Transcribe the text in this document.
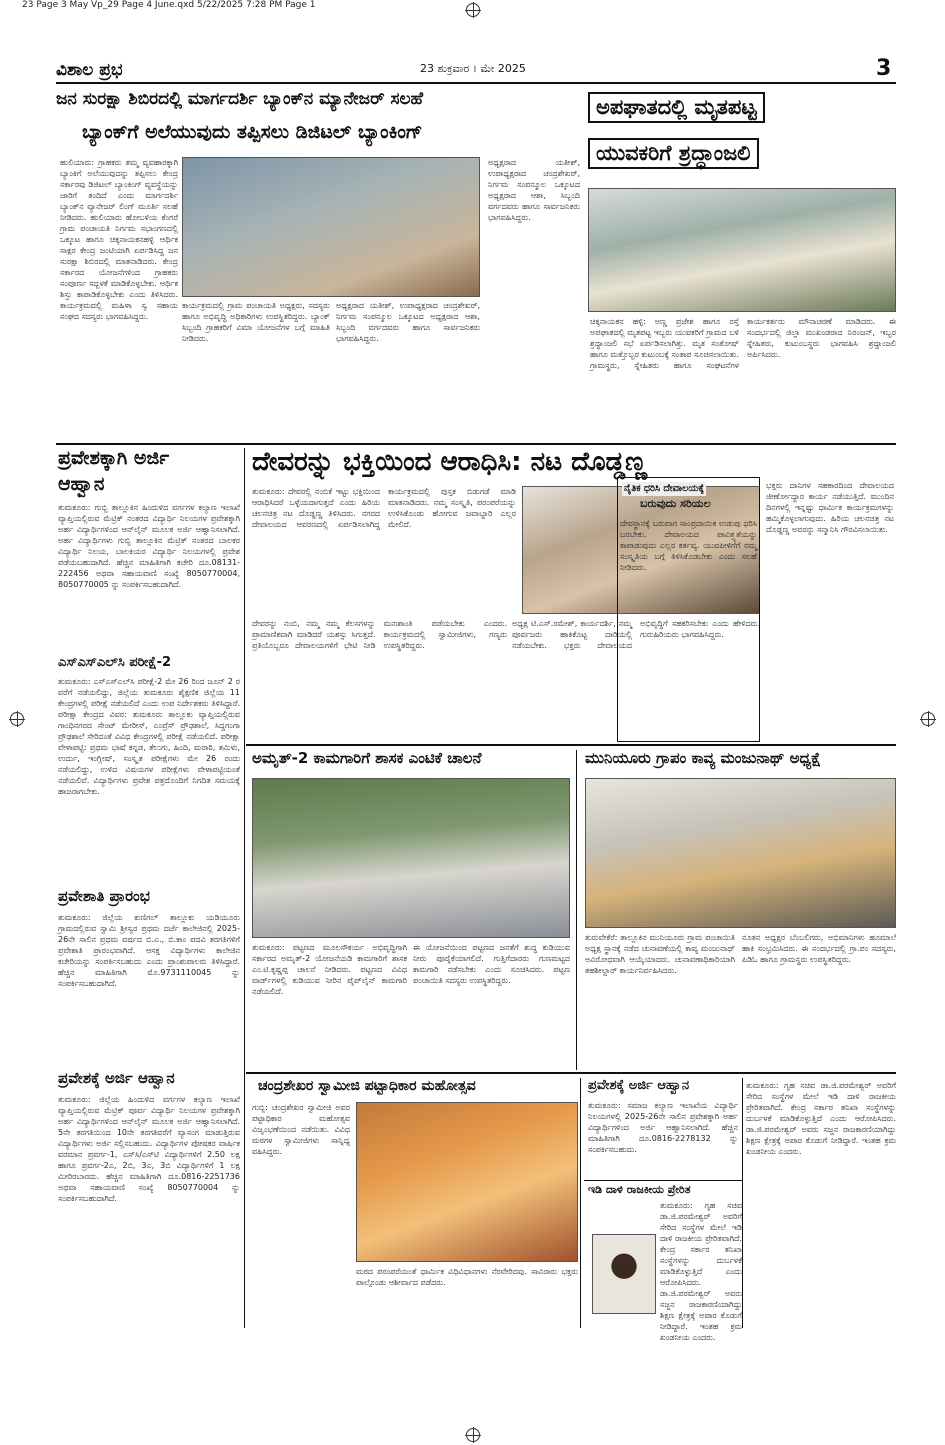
23 Page 3 May Vp_29 Page 4 June.qxd 5/22/2025 7:28 PM Page 1
ವಿಶಾಲ ಪ್ರಭ	23 ಶುಕ್ರವಾರ । ಮೇ 2025	3
ಜನ ಸುರಕ್ಷಾ ಶಿಬಿರದಲ್ಲಿ ಮಾರ್ಗದರ್ಶಿ ಬ್ಯಾಂಕ್‌ನ ಮ್ಯಾನೇಜರ್ ಸಲಹೆ
ಬ್ಯಾಂಕ್‌ಗೆ ಅಲೆಯುವುದು ತಪ್ಪಿಸಲು ಡಿಜಿಟಲ್ ಬ್ಯಾಂಕಿಂಗ್
ಹುಲಿಯಾರು: ಗ್ರಾಹಕರು ತಮ್ಮ ವ್ಯವಹಾರಕ್ಕಾಗಿ ಬ್ಯಾಂಕಿಗೆ ಅಲೆಯುವುದನ್ನು ತಪ್ಪಿಸಲು ಕೇಂದ್ರ ಸರ್ಕಾರವು ಡಿಜಿಟಲ್ ಬ್ಯಾಂಕಿಂಗ್ ವ್ಯವಸ್ಥೆಯನ್ನು ಜಾರಿಗೆ ತಂದಿದೆ ಎಂದು ಮಾರ್ಗದರ್ಶಿ ಬ್ಯಾಂಕ್‌ನ ವ್ಯಾನೇಜರ್ ಲಿಂಗ್ ಮೂರ್ತಿ ಸಲಹೆ ನೀಡಿದರು. ಹುಲಿಯಾರು ಹೋಬಳಿಯ ಕೆಂಗರೆ ಗ್ರಾಮ ಪಂಚಾಯತಿ ನಿರ್ಗಮ ಸಭಾಂಗಣದಲ್ಲಿ ಒಕ್ಕೂಟ ಹಾಗೂ ಚಿಕ್ಕನಾಯಕನಹಳ್ಳಿ ಆರ್ಥಿಕ ಸಾಕ್ಷರ ಕೇಂದ್ರ ಜಂಟಿಯಾಗಿ ಏರ್ಪಡಿಸಿದ್ದ ಜನ ಸುರಕ್ಷಾ ಶಿಬಿರದಲ್ಲಿ ಮಾತನಾಡಿದರು. ಕೇಂದ್ರ ಸರ್ಕಾರದ ಯೋಜನೆಗಳಿಂದ ಗ್ರಾಹಕರು ಸಂಪೂರ್ಣ ಸದ್ಬಳಕೆ ಮಾಡಿಕೊಳ್ಳಬೇಕು. ಆರ್ಥಿಕ ಶಿಸ್ತು ಕಾಪಾಡಿಕೊಳ್ಳಬೇಕು ಎಂದು ತಿಳಿಸಿದರು. ಕಾರ್ಯಕ್ರಮದಲ್ಲಿ ಮಹಿಳಾ ಸ್ವ ಸಹಾಯ ಸಂಘದ ಸದಸ್ಯರು ಭಾಗವಹಿಸಿದ್ದರು.
ಕಾರ್ಯಕ್ರಮದಲ್ಲಿ ಗ್ರಾಮ ಪಂಚಾಯತಿ ಅಧ್ಯಕ್ಷರು, ಸದಸ್ಯರು ಹಾಗೂ ಅಭಿವೃದ್ಧಿ ಅಧಿಕಾರಿಗಳು ಉಪಸ್ಥಿತರಿದ್ದರು. ಬ್ಯಾಂಕ್ ಸಿಬ್ಬಂದಿ ಗ್ರಾಹಕರಿಗೆ ವಿಮಾ ಯೋಜನೆಗಳ ಬಗ್ಗೆ ಮಾಹಿತಿ ನೀಡಿದರು.
ಅಧ್ಯಕ್ಷರಾದ ಯತೀಶ್, ಉಪಾಧ್ಯಕ್ಷರಾದ ಚಂದ್ರಶೇಖರ್, ನಿರ್ಗಮ ಸಂಪನ್ಮೂಲ ಒಕ್ಕೂಟದ ಅಧ್ಯಕ್ಷರಾದ ಆಶಾ, ಸಿಬ್ಬಂದಿ ವರ್ಗದವರು ಹಾಗೂ ಸಾರ್ವಜನಿಕರು ಭಾಗವಹಿಸಿದ್ದರು.
ಅಧ್ಯಕ್ಷರಾದ ಯತೀಶ್, ಉಪಾಧ್ಯಕ್ಷರಾದ ಚಂದ್ರಶೇಖರ್, ನಿರ್ಗಮ ಸಂಪನ್ಮೂಲ ಒಕ್ಕೂಟದ ಅಧ್ಯಕ್ಷರಾದ ಆಶಾ, ಸಿಬ್ಬಂದಿ ವರ್ಗದವರು ಹಾಗೂ ಸಾರ್ವಜನಿಕರು ಭಾಗವಹಿಸಿದ್ದರು.
ಅಪಘಾತದಲ್ಲಿ ಮೃತಪಟ್ಟ
ಯುವಕರಿಗೆ ಶ್ರದ್ಧಾಂಜಲಿ
ಚಿಕ್ಕನಾಯಕನ ಹಳ್ಳಿ: ಅಣ್ಣ ಪ್ರಜೇಶ ಹಾಗೂ ರಸ್ತೆ ಅಪಘಾತದಲ್ಲಿ ಮೃತಪಟ್ಟ ಇಬ್ಬರು ಯುವಕರಿಗೆ ಗ್ರಾಮದ ಬಳಿ ಶ್ರದ್ಧಾಂಜಲಿ ಸಭೆ ಏರ್ಪಡಿಸಲಾಗಿತ್ತು. ಮೃತ ಸಂತೋಷ್ ಹಾಗೂ ಮತ್ತೊಬ್ಬರ ಕುಟುಂಬಕ್ಕೆ ಸಂತಾಪ ಸೂಚಿಸಲಾಯಿತು. ಗ್ರಾಮಸ್ಥರು, ಸ್ನೇಹಿತರು ಹಾಗೂ ಸಂಘಟನೆಗಳ ಕಾರ್ಯಕರ್ತರು ಮೌನಾಚರಣೆ ಮಾಡಿದರು. ಈ ಸಂದರ್ಭದಲ್ಲಿ ಜಿಲ್ಲಾ ಮುಖಂಡರಾದ ನಿರಂಜನ್, ಇಬ್ಬರ ಸ್ನೇಹಿತರು, ಕುಟುಂಬಸ್ಥರು ಭಾಗವಹಿಸಿ ಶ್ರದ್ಧಾಂಜಲಿ ಅರ್ಪಿಸಿದರು.
ಪ್ರವೇಶಕ್ಕಾಗಿ ಅರ್ಜಿ
ಆಹ್ವಾನ
ತುಮಕೂರು: ಗುಬ್ಬಿ ತಾಲ್ಲೂಕಿನ ಹಿಂದುಳಿದ ವರ್ಗಗಳ ಕಲ್ಯಾಣ ಇಲಾಖೆ ವ್ಯಾಪ್ತಿಯಲ್ಲಿರುವ ಮೆಟ್ರಿಕ್ ನಂತರದ ವಿದ್ಯಾರ್ಥಿ ನಿಲಯಗಳ ಪ್ರವೇಶಕ್ಕಾಗಿ ಅರ್ಹ ವಿದ್ಯಾರ್ಥಿಗಳಿಂದ ಆನ್‌ಲೈನ್ ಮೂಲಕ ಅರ್ಜಿ ಆಹ್ವಾನಿಸಲಾಗಿದೆ. ಅರ್ಹ ವಿದ್ಯಾರ್ಥಿಗಳು ಗುಬ್ಬಿ ತಾಲ್ಲೂಕಿನ ಮೆಟ್ರಿಕ್ ನಂತರದ ಬಾಲಕರ ವಿದ್ಯಾರ್ಥಿ ನಿಲಯ, ಬಾಲಕಿಯರ ವಿದ್ಯಾರ್ಥಿ ನಿಲಯಗಳಲ್ಲಿ ಪ್ರವೇಶ ಪಡೆಯಬಹುದಾಗಿದೆ. ಹೆಚ್ಚಿನ ಮಾಹಿತಿಗಾಗಿ ಕಚೇರಿ ದೂ.08131-222456 ಅಥವಾ ಸಹಾಯವಾಣಿ ಸಂಖ್ಯೆ 8050770004, 8050770005 ನ್ನು ಸಂಪರ್ಕಿಸಬಹುದಾಗಿದೆ.
ಎಸ್‌ಎಸ್‌ಎಲ್‌ಸಿ ಪರೀಕ್ಷೆ-2
ತುಮಕೂರು: ಎಸ್‌ಎಸ್‌ಎಲ್‌ಸಿ ಪರೀಕ್ಷೆ-2 ಮೇ 26 ರಿಂದ ಜೂನ್ 2 ರ ವರೆಗೆ ನಡೆಯಲಿದ್ದು, ಜಿಲ್ಲೆಯ ತುಮಕೂರು ಶೈಕ್ಷಣಿಕ ಜಿಲ್ಲೆಯ 11 ಕೇಂದ್ರಗಳಲ್ಲಿ ಪರೀಕ್ಷೆ ನಡೆಯಲಿದೆ ಎಂದು ಉಪ ನಿರ್ದೇಶಕರು ತಿಳಿಸಿದ್ದಾರೆ. ಪರೀಕ್ಷಾ ಕೇಂದ್ರದ ವಿವರ: ತುಮಕೂರು ತಾಲ್ಲೂಕು ವ್ಯಾಪ್ತಿಯಲ್ಲಿರುವ ಗಾಂಧಿನಗರದ ಸೇಂಟ್ ಮೇರೀಸ್, ಎಂಪ್ರೆಸ್ ಪ್ರೌಢಶಾಲೆ, ಸಿದ್ದಗಂಗಾ ಪ್ರೌಢಶಾಲೆ ಸೇರಿದಂತೆ ವಿವಿಧ ಕೇಂದ್ರಗಳಲ್ಲಿ ಪರೀಕ್ಷೆ ನಡೆಯಲಿದೆ. ಪರೀಕ್ಷಾ ವೇಳಾಪಟ್ಟಿ: ಪ್ರಥಮ ಭಾಷೆ ಕನ್ನಡ, ತೆಲುಗು, ಹಿಂದಿ, ಮರಾಠಿ, ತಮಿಳು, ಉರ್ದು, ಇಂಗ್ಲೀಷ್, ಸಂಸ್ಕೃತ ಪರೀಕ್ಷೆಗಳು ಮೇ 26 ರಂದು ನಡೆಯಲಿದ್ದು, ಉಳಿದ ವಿಷಯಗಳ ಪರೀಕ್ಷೆಗಳು ವೇಳಾಪಟ್ಟಿಯಂತೆ ನಡೆಯಲಿವೆ. ವಿದ್ಯಾರ್ಥಿಗಳು ಪ್ರವೇಶ ಪತ್ರದೊಂದಿಗೆ ನಿಗದಿತ ಸಮಯಕ್ಕೆ ಹಾಜರಾಗಬೇಕು.
ಪ್ರವೇಶಾತಿ ಪ್ರಾರಂಭ
ತುಮಕೂರು: ಜಿಲ್ಲೆಯ ಕುಣಿಗಲ್ ತಾಲ್ಲೂಕು ಯಡಿಯೂರು ಗ್ರಾಮದಲ್ಲಿರುವ ಸ್ವಾಮಿ ಶ್ರೀಸ್ವರ ಪ್ರಥಮ ದರ್ಜೆ ಕಾಲೇಜಿನಲ್ಲಿ 2025-26ನೇ ಸಾಲಿನ ಪ್ರಥಮ ವರ್ಷದ ಬಿ.ಎ., ಬಿ.ಕಾಂ ಪದವಿ ತರಗತಿಗಳಿಗೆ ಪ್ರವೇಶಾತಿ ಪ್ರಾರಂಭವಾಗಿದೆ. ಆಸಕ್ತ ವಿದ್ಯಾರ್ಥಿಗಳು ಕಾಲೇಜಿನ ಕಚೇರಿಯನ್ನು ಸಂಪರ್ಕಿಸಬಹುದು ಎಂದು ಪ್ರಾಂಶುಪಾಲರು ತಿಳಿಸಿದ್ದಾರೆ. ಹೆಚ್ಚಿನ ಮಾಹಿತಿಗಾಗಿ ಮೊ.9731110045 ನ್ನು ಸಂಪರ್ಕಿಸಬಹುದಾಗಿದೆ.
ಪ್ರವೇಶಕ್ಕೆ ಅರ್ಜಿ ಆಹ್ವಾನ
ತುಮಕೂರು: ಜಿಲ್ಲೆಯ ಹಿಂದುಳಿದ ವರ್ಗಗಳ ಕಲ್ಯಾಣ ಇಲಾಖೆ ವ್ಯಾಪ್ತಿಯಲ್ಲಿರುವ ಮೆಟ್ರಿಕ್ ಪೂರ್ವ ವಿದ್ಯಾರ್ಥಿ ನಿಲಯಗಳ ಪ್ರವೇಶಕ್ಕಾಗಿ ಅರ್ಹ ವಿದ್ಯಾರ್ಥಿಗಳಿಂದ ಆನ್‌ಲೈನ್ ಮೂಲಕ ಅರ್ಜಿ ಆಹ್ವಾನಿಸಲಾಗಿದೆ. 5ನೇ ತರಗತಿಯಿಂದ 10ನೇ ತರಗತಿವರೆಗೆ ವ್ಯಾಸಂಗ ಮಾಡುತ್ತಿರುವ ವಿದ್ಯಾರ್ಥಿಗಳು ಅರ್ಜಿ ಸಲ್ಲಿಸಬಹುದು. ವಿದ್ಯಾರ್ಥಿಗಳ ಪೋಷಕರ ವಾರ್ಷಿಕ ವರಮಾನ ಪ್ರವರ್ಗ-1, ಎಸ್‌ಸಿ/ಎಸ್‌ಟಿ ವಿದ್ಯಾರ್ಥಿಗಳಿಗೆ 2.50 ಲಕ್ಷ ಹಾಗೂ ಪ್ರವರ್ಗ-2ಎ, 2ಬಿ, 3ಎ, 3ಬಿ ವಿದ್ಯಾರ್ಥಿಗಳಿಗೆ 1 ಲಕ್ಷ ಮೀರಿರಬಾರದು. ಹೆಚ್ಚಿನ ಮಾಹಿತಿಗಾಗಿ ದೂ.0816-2251736 ಅಥವಾ ಸಹಾಯವಾಣಿ ಸಂಖ್ಯೆ 8050770004 ನ್ನು ಸಂಪರ್ಕಿಸಬಹುದಾಗಿದೆ.
ದೇವರನ್ನು ಭಕ್ತಿಯಿಂದ ಆರಾಧಿಸಿ: ನಟ ದೊಡ್ಡಣ್ಣ
ತುಮಕೂರು: ದೇವರಲ್ಲಿ ನಂಬಿಕೆ ಇಟ್ಟು ಭಕ್ತಿಯಿಂದ ಆರಾಧಿಸಿದರೆ ಒಳ್ಳೆಯದಾಗುತ್ತದೆ ಎಂದು ಹಿರಿಯ ಚಲನಚಿತ್ರ ನಟ ದೊಡ್ಡಣ್ಣ ತಿಳಿಸಿದರು. ನಗರದ ದೇವಾಲಯದ ಆವರಣದಲ್ಲಿ ಏರ್ಪಡಿಸಲಾಗಿದ್ದ ಕಾರ್ಯಕ್ರಮದಲ್ಲಿ ಪುಸ್ತಕ ಬಿಡುಗಡೆ ಮಾಡಿ ಮಾತನಾಡಿದರು. ನಮ್ಮ ಸಂಸ್ಕೃತಿ, ಪರಂಪರೆಯನ್ನು ಉಳಿಸಿಕೊಂಡು ಹೋಗುವ ಜವಾಬ್ದಾರಿ ಎಲ್ಲರ ಮೇಲಿದೆ.
ದೇವರನ್ನು ನಂಬಿ, ನಮ್ಮ ನಮ್ಮ ಕೆಲಸಗಳನ್ನು ಪ್ರಾಮಾಣಿಕವಾಗಿ ಮಾಡಿದರೆ ಯಶಸ್ಸು ಸಿಗುತ್ತದೆ. ಪ್ರತಿಯೊಬ್ಬರೂ ದೇವಾಲಯಗಳಿಗೆ ಭೇಟಿ ನೀಡಿ ಮನಃಶಾಂತಿ ಪಡೆಯಬೇಕು ಎಂದರು. ಕಾರ್ಯಕ್ರಮದಲ್ಲಿ ಸ್ವಾಮೀಜಿಗಳು, ಗಣ್ಯರು ಉಪಸ್ಥಿತರಿದ್ದರು.
ಅಧ್ಯಕ್ಷ ಟಿ.ಎಸ್.ರಮೇಶ್, ಕಾರ್ಯದರ್ಶಿ, ನಮ್ಮ ಪೂರ್ವಜರು ಹಾಕಿಕೊಟ್ಟ ದಾರಿಯಲ್ಲಿ ನಡೆಯಬೇಕು. ಭಕ್ತರು ದೇವಾಲಯದ ಅಭಿವೃದ್ಧಿಗೆ ಸಹಕರಿಸಬೇಕು ಎಂದು ಹೇಳಿದರು. ಗುರುಹಿರಿಯರು ಭಾಗವಹಿಸಿದ್ದರು.
ನೈತಿಕ ಧರಿಸಿ ದೇವಾಲಯಕ್ಕೆ
ಬರುವುದು ಸರಿಯಲ
ದೇವಸ್ಥಾನಕ್ಕೆ ಬರುವಾಗ ಸಾಂಪ್ರದಾಯಿಕ ಉಡುಪು ಧರಿಸಿ ಬರಬೇಕು. ದೇವಾಲಯದ ಪಾವಿತ್ರ್ಯತೆಯನ್ನು ಕಾಪಾಡುವುದು ಎಲ್ಲರ ಕರ್ತವ್ಯ. ಯುವಪೀಳಿಗೆಗೆ ನಮ್ಮ ಸಂಸ್ಕೃತಿಯ ಬಗ್ಗೆ ತಿಳಿಸಿಕೊಡಬೇಕು ಎಂದು ಸಲಹೆ ನೀಡಿದರು.
ಭಕ್ತರು ದಾನಿಗಳ ಸಹಕಾರದಿಂದ ದೇವಾಲಯದ ಜೀರ್ಣೋದ್ಧಾರ ಕಾರ್ಯ ನಡೆಯುತ್ತಿದೆ. ಮುಂದಿನ ದಿನಗಳಲ್ಲಿ ಇನ್ನಷ್ಟು ಧಾರ್ಮಿಕ ಕಾರ್ಯಕ್ರಮಗಳನ್ನು ಹಮ್ಮಿಕೊಳ್ಳಲಾಗುವುದು. ಹಿರಿಯ ಚಲನಚಿತ್ರ ನಟ ದೊಡ್ಡಣ್ಣ ಅವರನ್ನು ಸನ್ಮಾನಿಸಿ ಗೌರವಿಸಲಾಯಿತು.
ಅಮೃತ್-2 ಕಾಮಗಾರಿಗೆ ಶಾಸಕ ಎಂಟಿಕೆ ಚಾಲನೆ
ತುಮಕೂರು: ಪಟ್ಟಣದ ಮೂಲಸೌಕರ್ಯ ಅಭಿವೃದ್ಧಿಗಾಗಿ ಸರ್ಕಾರದ ಅಮೃತ್-2 ಯೋಜನೆಯಡಿ ಕಾಮಗಾರಿಗೆ ಶಾಸಕ ಎಂ.ಟಿ.ಕೃಷ್ಣಪ್ಪ ಚಾಲನೆ ನೀಡಿದರು. ಪಟ್ಟಣದ ವಿವಿಧ ವಾರ್ಡ್‌ಗಳಲ್ಲಿ ಕುಡಿಯುವ ನೀರಿನ ಪೈಪ್‌ಲೈನ್ ಕಾಮಗಾರಿ ನಡೆಯಲಿದೆ.
ಈ ಯೋಜನೆಯಿಂದ ಪಟ್ಟಣದ ಜನತೆಗೆ ಶುದ್ಧ ಕುಡಿಯುವ ನೀರು ಪೂರೈಕೆಯಾಗಲಿದೆ. ಗುತ್ತಿಗೆದಾರರು ಗುಣಮಟ್ಟದ ಕಾಮಗಾರಿ ನಡೆಸಬೇಕು ಎಂದು ಸೂಚಿಸಿದರು. ಪಟ್ಟಣ ಪಂಚಾಯಿತಿ ಸದಸ್ಯರು ಉಪಸ್ಥಿತರಿದ್ದರು.
ಮುನಿಯೂರು ಗ್ರಾಪಂ ಕಾವ್ಯ ಮಂಜುನಾಥ್ ಅಧ್ಯಕ್ಷೆ
ತುರುವೇಕೆರೆ: ತಾಲ್ಲೂಕಿನ ಮುನಿಯೂರು ಗ್ರಾಮ ಪಂಚಾಯಿತಿ ಅಧ್ಯಕ್ಷ ಸ್ಥಾನಕ್ಕೆ ನಡೆದ ಚುನಾವಣೆಯಲ್ಲಿ ಕಾವ್ಯ ಮಂಜುನಾಥ್ ಅವಿರೋಧವಾಗಿ ಆಯ್ಕೆಯಾದರು. ಚುನಾವಣಾಧಿಕಾರಿಯಾಗಿ ತಹಶೀಲ್ದಾರ್ ಕಾರ್ಯನಿರ್ವಹಿಸಿದರು.
ನೂತನ ಅಧ್ಯಕ್ಷರ ಬೆಂಬಲಿಗರು, ಅಭಿಮಾನಿಗಳು ಹೂಮಾಲೆ ಹಾಕಿ ಸಂಭ್ರಮಿಸಿದರು. ಈ ಸಂದರ್ಭದಲ್ಲಿ ಗ್ರಾ.ಪಂ ಸದಸ್ಯರು, ಪಿಡಿಓ ಹಾಗೂ ಗ್ರಾಮಸ್ಥರು ಉಪಸ್ಥಿತರಿದ್ದರು.
ಚಂದ್ರಶೇಖರ ಸ್ವಾಮೀಜಿ ಪಟ್ಟಾಧಿಕಾರ ಮಹೋತ್ಸವ
ಗುಬ್ಬಿ: ಚಂದ್ರಶೇಖರ ಸ್ವಾಮೀಜಿ ಅವರ ಪಟ್ಟಾಧಿಕಾರ ಮಹೋತ್ಸವ ವಿಜೃಂಭಣೆಯಿಂದ ನಡೆಯಿತು. ವಿವಿಧ ಮಠಗಳ ಸ್ವಾಮೀಜಿಗಳು ಸಾನ್ನಿಧ್ಯ ವಹಿಸಿದ್ದರು.
ಮಠದ ಪರಂಪರೆಯಂತೆ ಧಾರ್ಮಿಕ ವಿಧಿವಿಧಾನಗಳು ನೆರವೇರಿದವು. ಸಾವಿರಾರು ಭಕ್ತರು ಪಾಲ್ಗೊಂಡು ಆಶೀರ್ವಾದ ಪಡೆದರು.
ಪ್ರವೇಶಕ್ಕೆ ಅರ್ಜಿ ಆಹ್ವಾನ
ತುಮಕೂರು: ಸಮಾಜ ಕಲ್ಯಾಣ ಇಲಾಖೆಯ ವಿದ್ಯಾರ್ಥಿ ನಿಲಯಗಳಲ್ಲಿ 2025-26ನೇ ಸಾಲಿನ ಪ್ರವೇಶಕ್ಕಾಗಿ ಅರ್ಹ ವಿದ್ಯಾರ್ಥಿಗಳಿಂದ ಅರ್ಜಿ ಆಹ್ವಾನಿಸಲಾಗಿದೆ. ಹೆಚ್ಚಿನ ಮಾಹಿತಿಗಾಗಿ ದೂ.0816-2278132 ನ್ನು ಸಂಪರ್ಕಿಸಬಹುದು.
ಇಡಿ ದಾಳಿ ರಾಜಕೀಯ ಪ್ರೇರಿತ
ತುಮಕೂರು: ಗೃಹ ಸಚಿವ ಡಾ.ಜಿ.ಪರಮೇಶ್ವರ್ ಅವರಿಗೆ ಸೇರಿದ ಸಂಸ್ಥೆಗಳ ಮೇಲೆ ಇಡಿ ದಾಳಿ ರಾಜಕೀಯ ಪ್ರೇರಿತವಾಗಿದೆ. ಕೇಂದ್ರ ಸರ್ಕಾರ ತನಿಖಾ ಸಂಸ್ಥೆಗಳನ್ನು ದುರ್ಬಳಕೆ ಮಾಡಿಕೊಳ್ಳುತ್ತಿದೆ ಎಂದು ಆರೋಪಿಸಿದರು. ಡಾ.ಜಿ.ಪರಮೇಶ್ವರ್ ಅವರು ಸಜ್ಜನ ರಾಜಕಾರಣಿಯಾಗಿದ್ದು ಶಿಕ್ಷಣ ಕ್ಷೇತ್ರಕ್ಕೆ ಅಪಾರ ಕೊಡುಗೆ ನೀಡಿದ್ದಾರೆ. ಇಂತಹ ಕ್ರಮ ಖಂಡನೀಯ ಎಂದರು.
ತುಮಕೂರು: ಗೃಹ ಸಚಿವ ಡಾ.ಜಿ.ಪರಮೇಶ್ವರ್ ಅವರಿಗೆ ಸೇರಿದ ಸಂಸ್ಥೆಗಳ ಮೇಲೆ ಇಡಿ ದಾಳಿ ರಾಜಕೀಯ ಪ್ರೇರಿತವಾಗಿದೆ. ಕೇಂದ್ರ ಸರ್ಕಾರ ತನಿಖಾ ಸಂಸ್ಥೆಗಳನ್ನು ದುರ್ಬಳಕೆ ಮಾಡಿಕೊಳ್ಳುತ್ತಿದೆ ಎಂದು ಆರೋಪಿಸಿದರು. ಡಾ.ಜಿ.ಪರಮೇಶ್ವರ್ ಅವರು ಸಜ್ಜನ ರಾಜಕಾರಣಿಯಾಗಿದ್ದು ಶಿಕ್ಷಣ ಕ್ಷೇತ್ರಕ್ಕೆ ಅಪಾರ ಕೊಡುಗೆ ನೀಡಿದ್ದಾರೆ. ಇಂತಹ ಕ್ರಮ ಖಂಡನೀಯ ಎಂದರು.
